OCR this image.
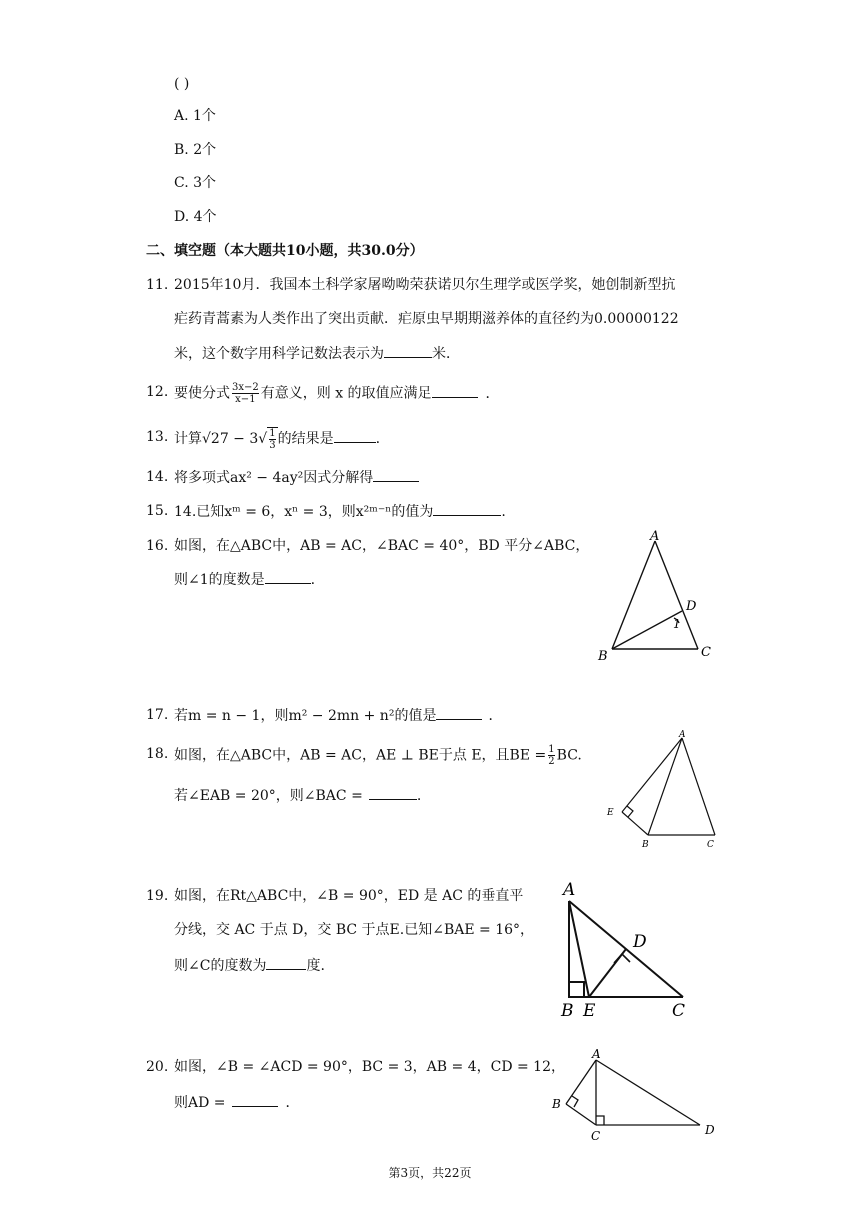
( )
A. 1个
B. 2个
C. 3个
D. 4个
二、填空题（本大题共10小题，共30.0分）
11. 2015年10月．我国本土科学家屠呦呦荣获诺贝尔生理学或医学奖，她创制新型抗
疟药青蒿素为人类作出了突出贡献．疟原虫早期期滋养体的直径约为0.00000122
米，这个数字用科学记数法表示为	米．
12. 要使分式 $\frac{3x-2}{x-1}$ 有意义，则 x 的取值应满足	．
13. 计算$√27 - 3√ \frac{1}{3}$ 的结果是	.
14. 将多项式ax² − 4ay²因式分解得
15. 14.已知xᵐ = 6，xⁿ = 3，则x²ᵐ⁻ⁿ的值为	.
16. 如图，在△ABC中，AB = AC，∠BAC = 40°，BD 平分∠ABC，
则∠1的度数是	.
A
B	C
D
1
17. 若m = n − 1，则m² − 2mn + n²的值是	．
18. 如图，在△ABC中，AB = AC，AE ⊥ BE于点 E，且BE = $\frac{1}{2}$ BC.
若∠EAB = 20°，则∠BAC =	.
A
B	C
E
19. 如图，在Rt△ABC中，∠B = 90°，ED 是 AC 的垂直平
分线，交 AC 于点 D，交 BC 于点E.已知∠BAE = 16°，
则∠C的度数为	度.
A
B E	C
D
20. 如图，∠B = ∠ACD = 90°，BC = 3，AB = 4，CD = 12，
则AD =	．
A
B
C	D
第3页，共22页
